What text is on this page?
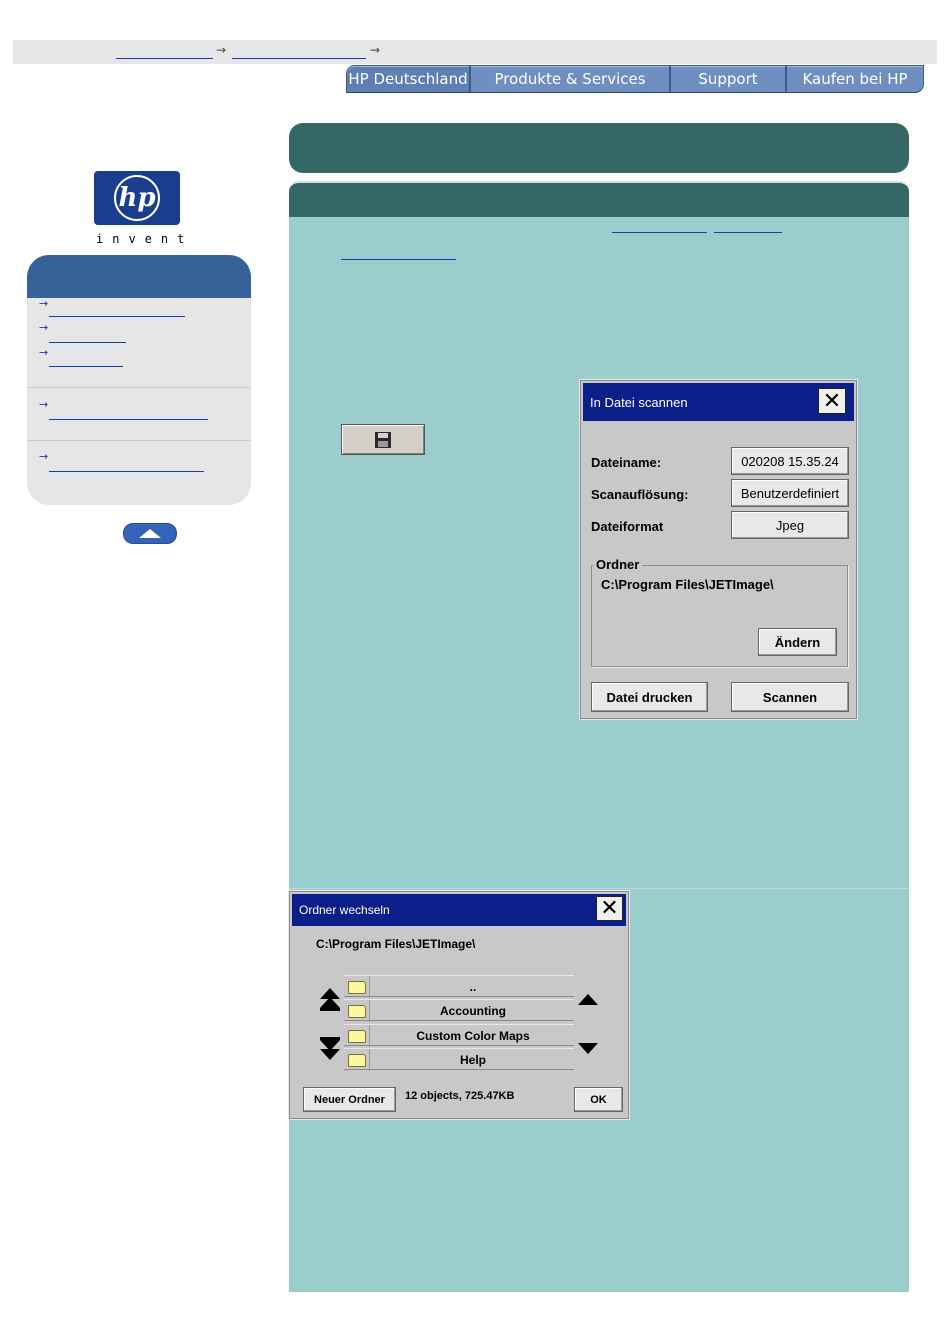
→	→
HP Deutschland	Produkte & Services	Support	Kaufen bei HP
hp
invent
→
→
→
→
→
In Datei scannen	✕
Dateiname:	020208 15.35.24
Scanauflösung:	Benutzerdefiniert
Dateiformat	Jpeg
Ordner
C:\Program Files\JETImage\
Ändern
Datei drucken	Scannen
Ordner wechseln	✕
C:\Program Files\JETImage\
..
Accounting
Custom Color Maps
Help
Neuer Ordner	12 objects, 725.47KB	OK
